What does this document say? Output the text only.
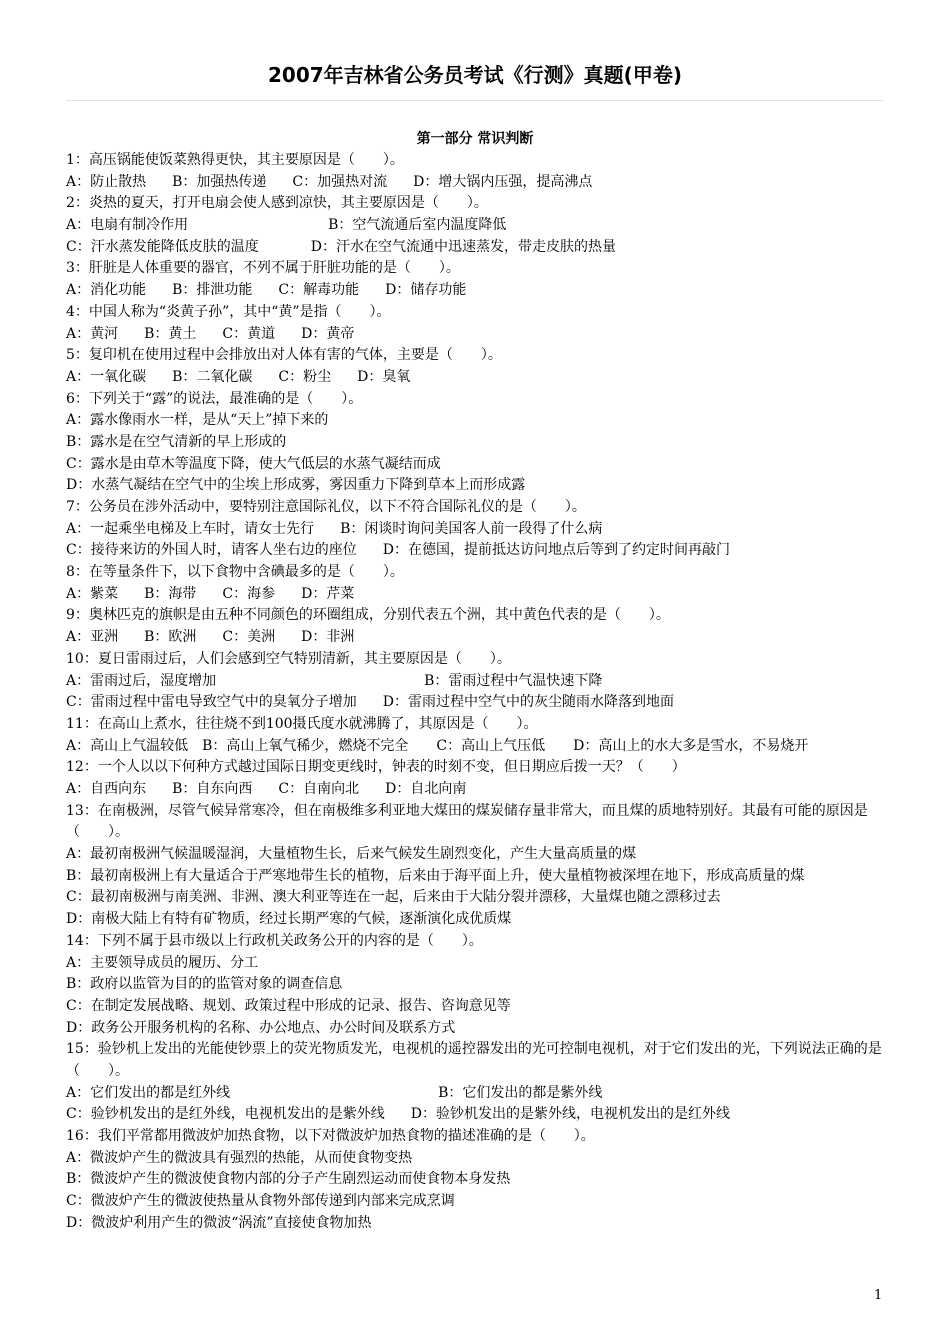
2007年吉林省公务员考试《行测》真题(甲卷)
第一部分 常识判断
1：高压锅能使饭菜熟得更快，其主要原因是（　　）。
A：防止散热 B：加强热传递 C：加强热对流 D：增大锅内压强，提高沸点
2：炎热的夏天，打开电扇会使人感到凉快，其主要原因是（　　）。
A：电扇有制冷作用	B：空气流通后室内温度降低
C：汗水蒸发能降低皮肤的温度	D：汗水在空气流通中迅速蒸发，带走皮肤的热量
3：肝脏是人体重要的器官，不列不属于肝脏功能的是（　　）。
A：消化功能 B：排泄功能 C：解毒功能 D：储存功能
4：中国人称为“炎黄子孙”，其中“黄”是指（　　）。
A：黄河 B：黄土 C：黄道 D：黄帝
5：复印机在使用过程中会排放出对人体有害的气体，主要是（　　）。
A：一氧化碳 B：二氧化碳 C：粉尘 D：臭氧
6：下列关于“露”的说法，最准确的是（　　）。
A：露水像雨水一样，是从“天上”掉下来的
B：露水是在空气清新的早上形成的
C：露水是由草木等温度下降，使大气低层的水蒸气凝结而成
D：水蒸气凝结在空气中的尘埃上形成雾，雾因重力下降到草本上而形成露
7：公务员在涉外活动中，要特别注意国际礼仪，以下不符合国际礼仪的是（　　）。
A：一起乘坐电梯及上车时，请女士先行 B：闲谈时询问美国客人前一段得了什么病
C：接待来访的外国人时，请客人坐右边的座位 D：在德国，提前抵达访问地点后等到了约定时间再敲门
8：在等量条件下，以下食物中含碘最多的是（　　）。
A：紫菜 B：海带 C：海参 D：芹菜
9：奥林匹克的旗帜是由五种不同颜色的环圈组成，分别代表五个洲，其中黄色代表的是（　　）。
A：亚洲 B：欧洲 C：美洲 D：非洲
10：夏日雷雨过后，人们会感到空气特别清新，其主要原因是（　　）。
A：雷雨过后，湿度增加	B：雷雨过程中气温快速下降
C：雷雨过程中雷电导致空气中的臭氧分子增加 D：雷雨过程中空气中的灰尘随雨水降落到地面
11：在高山上煮水，往往烧不到100摄氏度水就沸腾了，其原因是（　　）。
A：高山上气温较低　B：高山上氧气稀少，燃烧不完全　　C：高山上气压低　　D：高山上的水大多是雪水，不易烧开
12：一个人以以下何种方式越过国际日期变更线时，钟表的时刻不变，但日期应后拨一天？（　　）
A：自西向东 B：自东向西 C：自南向北 D：自北向南
13：在南极洲，尽管气候异常寒冷，但在南极维多利亚地大煤田的煤炭储存量非常大，而且煤的质地特别好。其最有可能的原因是（　　）。
A：最初南极洲气候温暖湿润，大量植物生长，后来气候发生剧烈变化，产生大量高质量的煤
B：最初南极洲上有大量适合于严寒地带生长的植物，后来由于海平面上升，使大量植物被深埋在地下，形成高质量的煤
C：最初南极洲与南美洲、非洲、澳大利亚等连在一起，后来由于大陆分裂并漂移，大量煤也随之漂移过去
D：南极大陆上有特有矿物质，经过长期严寒的气候，逐渐演化成优质煤
14：下列不属于县市级以上行政机关政务公开的内容的是（　　）。
A：主要领导成员的履历、分工
B：政府以监管为目的的监管对象的调查信息
C：在制定发展战略、规划、政策过程中形成的记录、报告、咨询意见等
D：政务公开服务机构的名称、办公地点、办公时间及联系方式
15：验钞机上发出的光能使钞票上的荧光物质发光，电视机的遥控器发出的光可控制电视机，对于它们发出的光，下列说法正确的是（　　）。
A：它们发出的都是红外线	B：它们发出的都是紫外线
C：验钞机发出的是红外线，电视机发出的是紫外线 D：验钞机发出的是紫外线，电视机发出的是红外线
16：我们平常都用微波炉加热食物，以下对微波炉加热食物的描述准确的是（　　）。
A：微波炉产生的微波具有强烈的热能，从而使食物变热
B：微波炉产生的微波使食物内部的分子产生剧烈运动而使食物本身发热
C：微波炉产生的微波使热量从食物外部传递到内部来完成烹调
D：微波炉利用产生的微波“涡流”直接使食物加热
1
